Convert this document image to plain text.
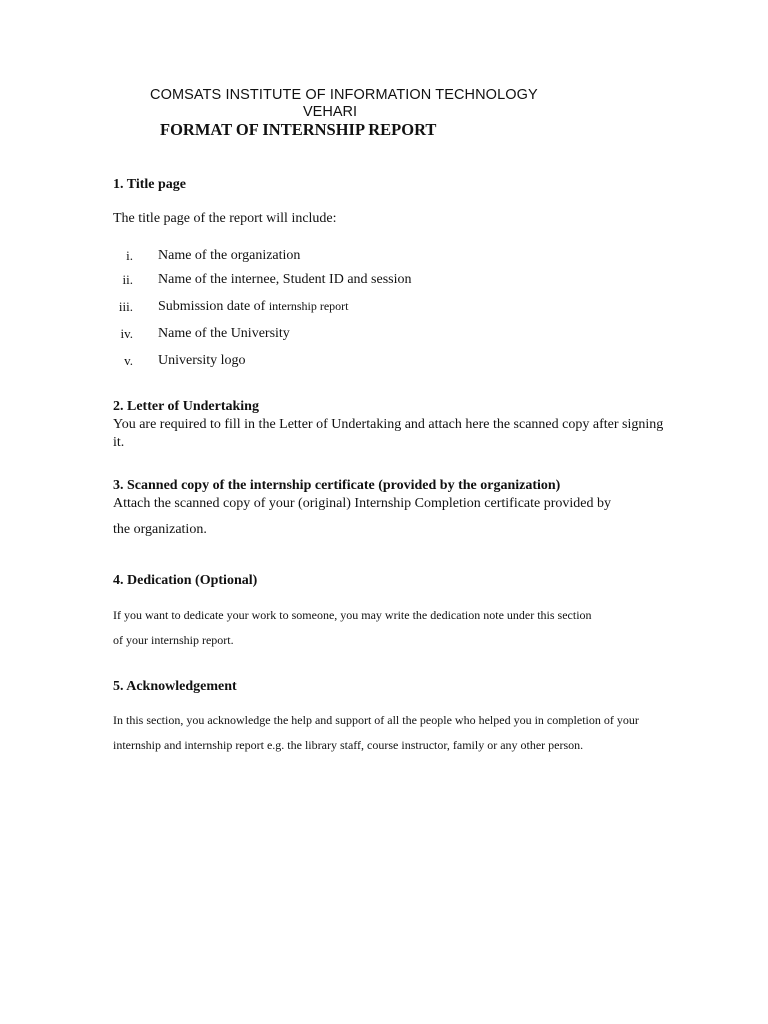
COMSATS INSTITUTE OF INFORMATION TECHNOLOGY
VEHARI
FORMAT OF INTERNSHIP REPORT
1. Title page
The title page of the report will include:
i. Name of the organization
ii. Name of the internee, Student ID and session
iii. Submission date of internship report
iv. Name of the University
v. University logo
2. Letter of Undertaking
You are required to fill in the Letter of Undertaking and attach here the scanned copy after signing it.
3. Scanned copy of the internship certificate (provided by the organization)
Attach the scanned copy of your (original) Internship Completion certificate provided by
the organization.
4. Dedication (Optional)
If you want to dedicate your work to someone, you may write the dedication note under this section of your internship report.
5. Acknowledgement
In this section, you acknowledge the help and support of all the people who helped you in completion of your internship and internship report e.g. the library staff, course instructor, family or any other person.
